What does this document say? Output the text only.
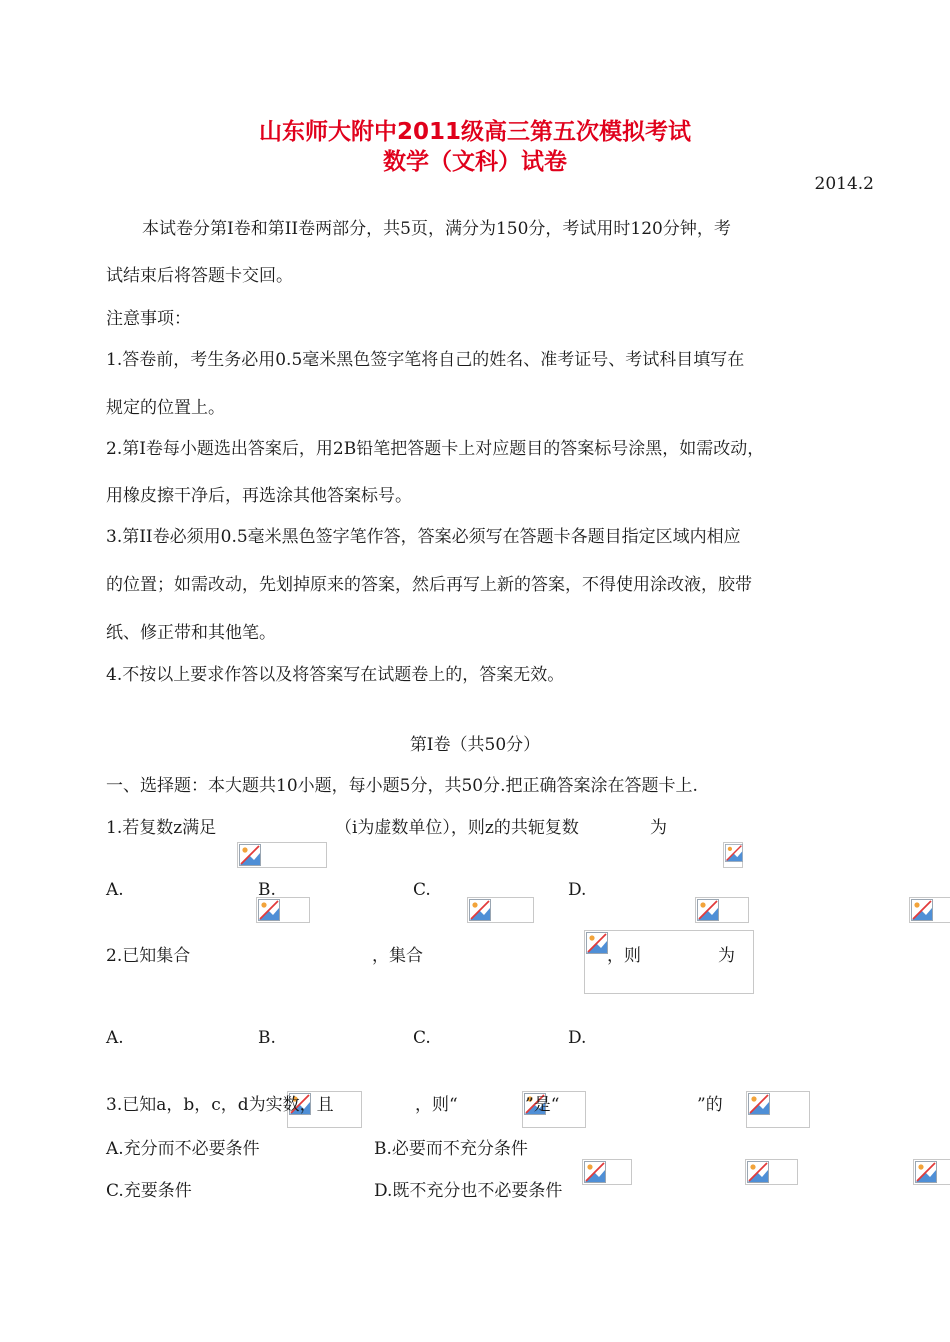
山东师大附中2011级高三第五次模拟考试
数学（文科）试卷
2014.2
本试卷分第I卷和第II卷两部分，共5页，满分为150分，考试用时120分钟，考
试结束后将答题卡交回。
注意事项：
1.答卷前，考生务必用0.5毫米黑色签字笔将自己的姓名、准考证号、考试科目填写在
规定的位置上。
2.第I卷每小题选出答案后，用2B铅笔把答题卡上对应题目的答案标号涂黑，如需改动，
用橡皮擦干净后，再选涂其他答案标号。
3.第II卷必须用0.5毫米黑色签字笔作答，答案必须写在答题卡各题目指定区域内相应
的位置；如需改动，先划掉原来的答案，然后再写上新的答案，不得使用涂改液，胶带
纸、修正带和其他笔。
4.不按以上要求作答以及将答案写在试题卷上的，答案无效。
第I卷（共50分）
一、选择题：本大题共10小题，每小题5分，共50分.把正确答案涂在答题卡上.
1.若复数z满足
	（i为虚数单位），则z的共轭复数
	为
A.
	B.
	C.
	D.

2.已知集合
	，集合
	，则
	为
A.
	B.
	C.
	D.

3.已知a，b，c，d为实数，且
	，则“
	”是“	”的
A.充分而不必要条件	B.必要而不充分条件
C.充要条件	D.既不充分也不必要条件
